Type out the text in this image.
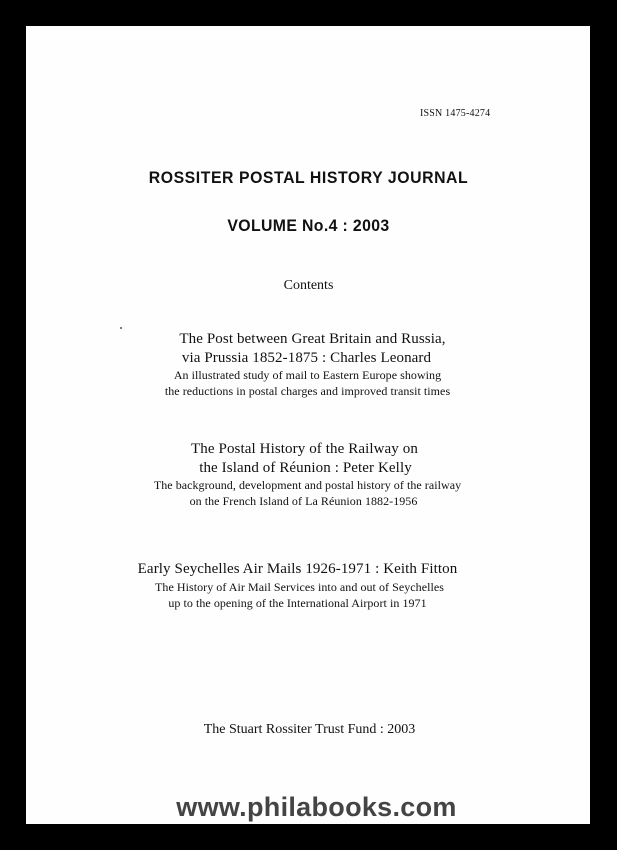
ISSN 1475-4274
ROSSITER POSTAL HISTORY JOURNAL
VOLUME No.4 : 2003
Contents
The Post between Great Britain and Russia,
via Prussia 1852-1875 : Charles Leonard
An illustrated study of mail to Eastern Europe showing
the reductions in postal charges and improved transit times
The Postal History of the Railway on
the Island of Réunion : Peter Kelly
The background, development and postal history of the railway
on the French Island of La Réunion 1882-1956
Early Seychelles Air Mails 1926-1971 : Keith Fitton
The History of Air Mail Services into and out of Seychelles
up to the opening of the International Airport in 1971
The Stuart Rossiter Trust Fund : 2003
www.philabooks.com
